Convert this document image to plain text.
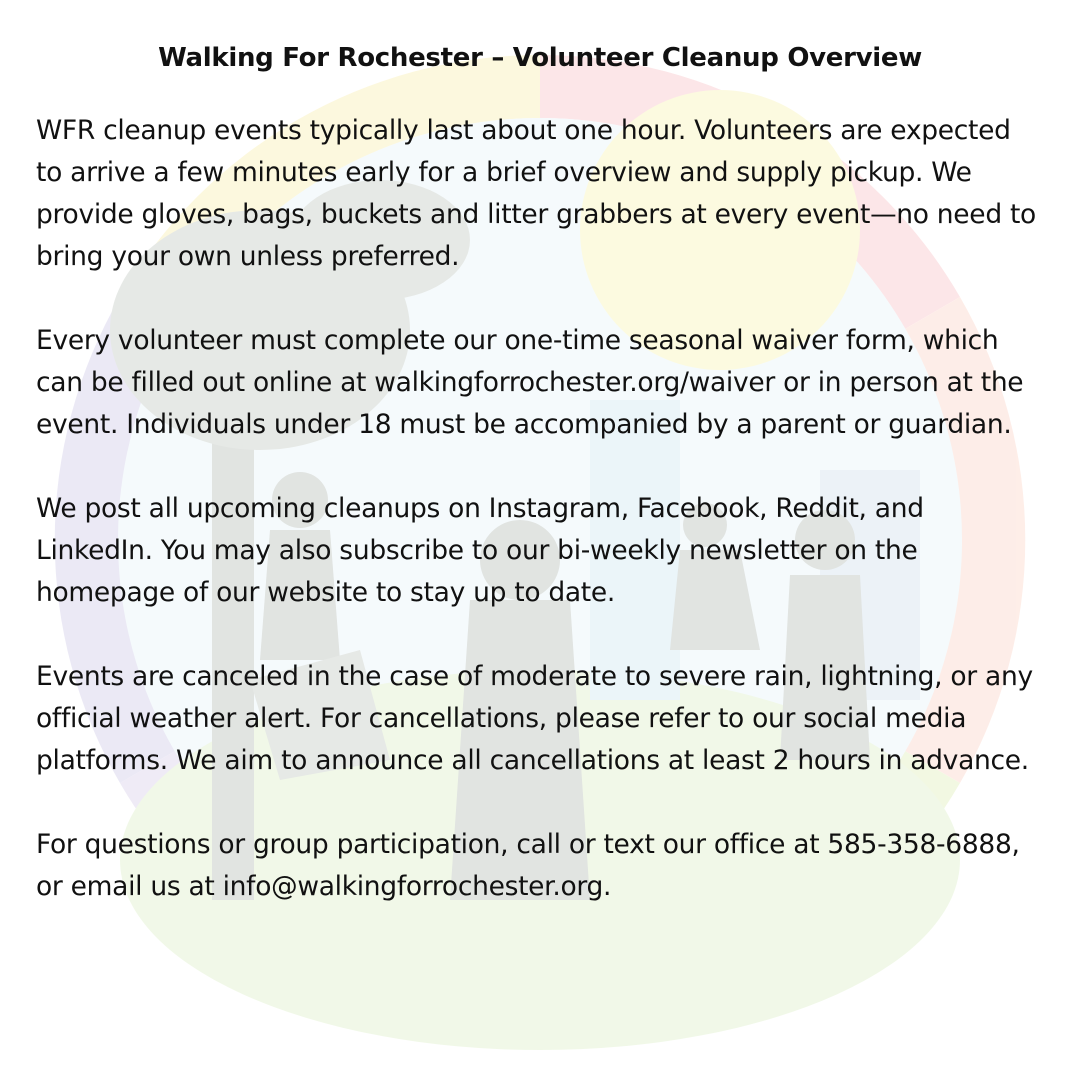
Walking For Rochester – Volunteer Cleanup Overview

WFR cleanup events typically last about one hour. Volunteers are expected to arrive a few minutes early for a brief overview and supply pickup. We provide gloves, bags, buckets and litter grabbers at every event—no need to bring your own unless preferred.

Every volunteer must complete our one-time seasonal waiver form, which can be filled out online at walkingforrochester.org/waiver or in person at the event. Individuals under 18 must be accompanied by a parent or guardian.

We post all upcoming cleanups on Instagram, Facebook, Reddit, and LinkedIn. You may also subscribe to our bi-weekly newsletter on the homepage of our website to stay up to date.

Events are canceled in the case of moderate to severe rain, lightning, or any official weather alert. For cancellations, please refer to our social media platforms. We aim to announce all cancellations at least 2 hours in advance.

For questions or group participation, call or text our office at 585-358-6888, or email us at info@walkingforrochester.org.
